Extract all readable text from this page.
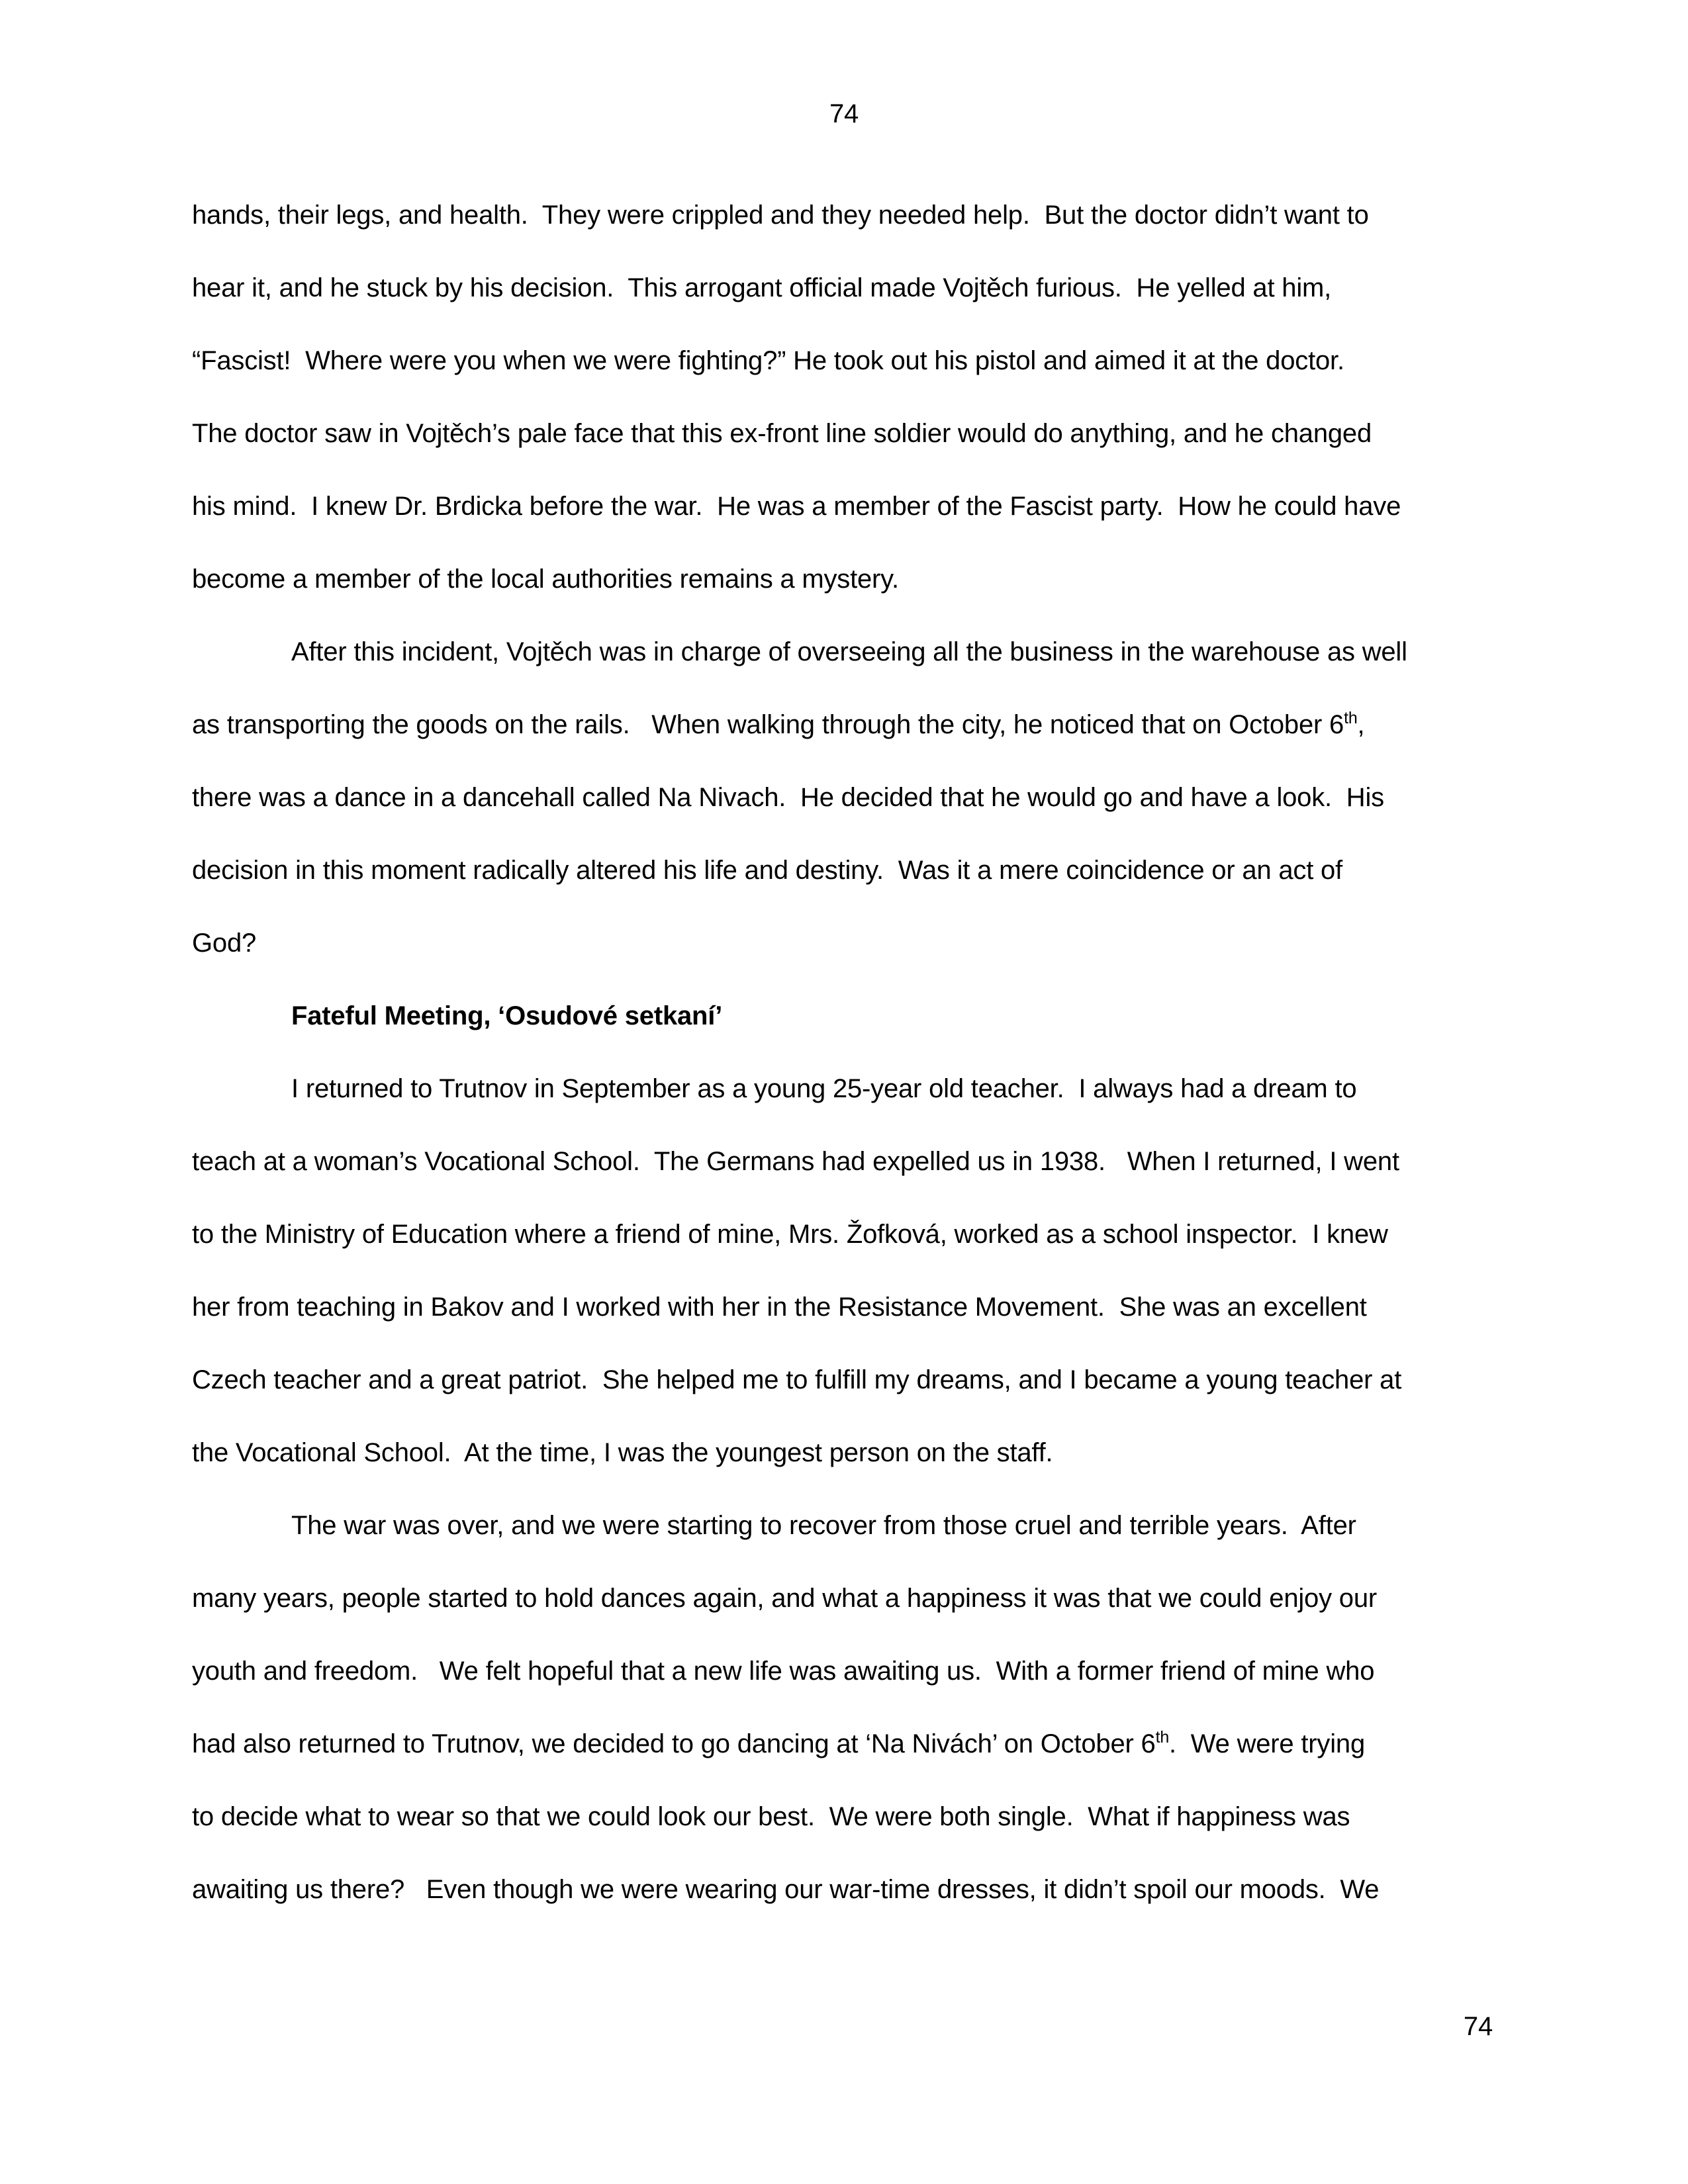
74
hands, their legs, and health.  They were crippled and they needed help.  But the doctor didn’t want to
hear it, and he stuck by his decision.  This arrogant official made Vojtěch furious.  He yelled at him,
“Fascist!  Where were you when we were fighting?” He took out his pistol and aimed it at the doctor.
The doctor saw in Vojtěch’s pale face that this ex-front line soldier would do anything, and he changed
his mind.  I knew Dr. Brdicka before the war.  He was a member of the Fascist party.  How he could have
become a member of the local authorities remains a mystery.
After this incident, Vojtěch was in charge of overseeing all the business in the warehouse as well
as transporting the goods on the rails.   When walking through the city, he noticed that on October 6th,
there was a dance in a dancehall called Na Nivach.  He decided that he would go and have a look.  His
decision in this moment radically altered his life and destiny.  Was it a mere coincidence or an act of
God?
Fateful Meeting, ‘Osudové setkaní’
I returned to Trutnov in September as a young 25-year old teacher.  I always had a dream to
teach at a woman’s Vocational School.  The Germans had expelled us in 1938.   When I returned, I went
to the Ministry of Education where a friend of mine, Mrs. Žofková, worked as a school inspector.  I knew
her from teaching in Bakov and I worked with her in the Resistance Movement.  She was an excellent
Czech teacher and a great patriot.  She helped me to fulfill my dreams, and I became a young teacher at
the Vocational School.  At the time, I was the youngest person on the staff.
The war was over, and we were starting to recover from those cruel and terrible years.  After
many years, people started to hold dances again, and what a happiness it was that we could enjoy our
youth and freedom.   We felt hopeful that a new life was awaiting us.  With a former friend of mine who
had also returned to Trutnov, we decided to go dancing at ‘Na Nivách’ on October 6th.  We were trying
to decide what to wear so that we could look our best.  We were both single.  What if happiness was
awaiting us there?   Even though we were wearing our war-time dresses, it didn’t spoil our moods.  We
74
